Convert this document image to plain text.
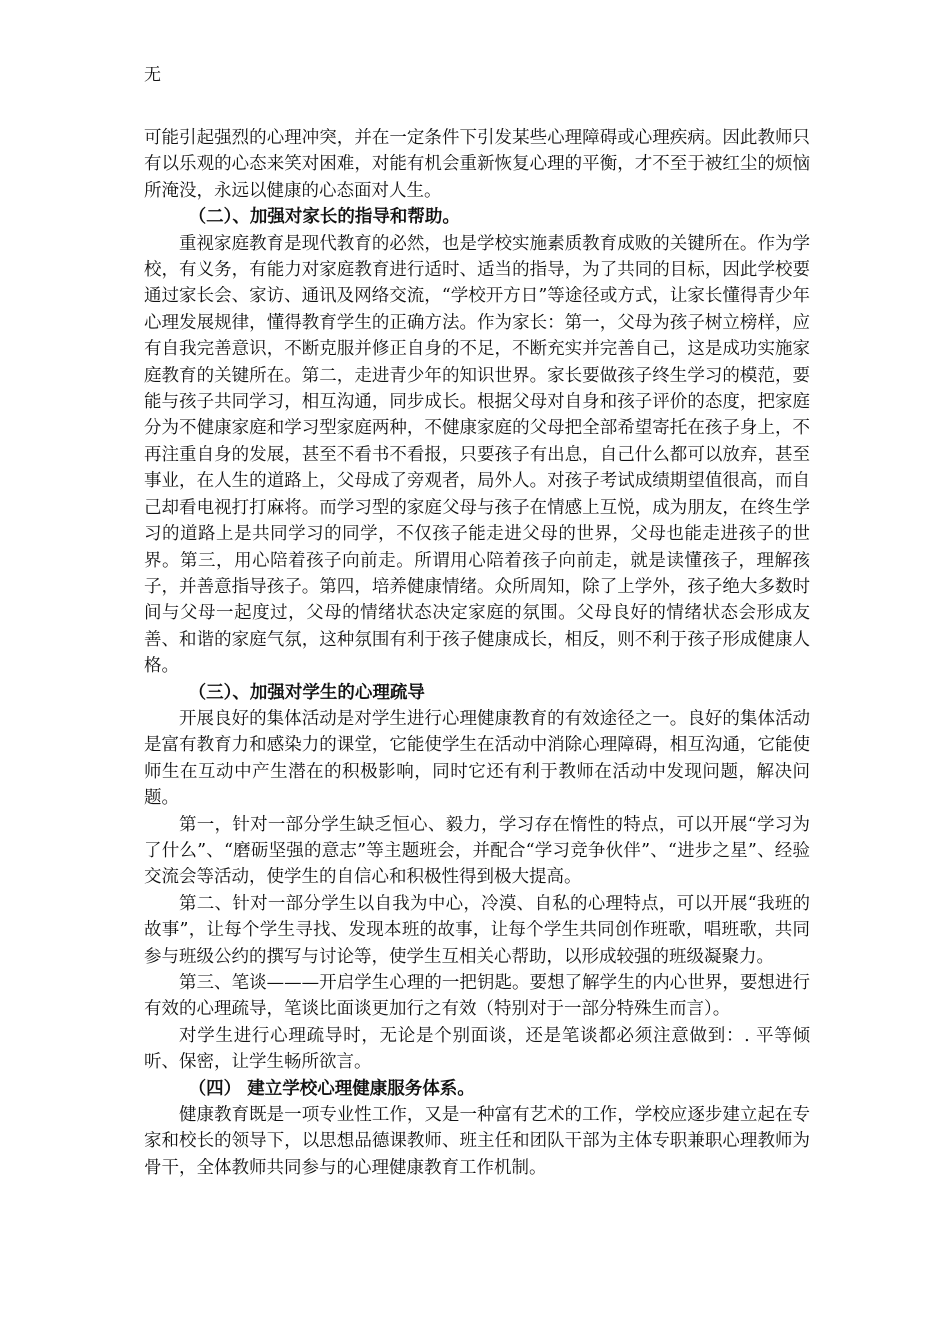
无

可能引起强烈的心理冲突，并在一定条件下引发某些心理障碍或心理疾病。因此教师只有以乐观的心态来笑对困难，对能有机会重新恢复心理的平衡，才不至于被红尘的烦恼所淹没，永远以健康的心态面对人生。

（二）、加强对家长的指导和帮助。

重视家庭教育是现代教育的必然，也是学校实施素质教育成败的关键所在。作为学校，有义务，有能力对家庭教育进行适时、适当的指导，为了共同的目标，因此学校要通过家长会、家访、通讯及网络交流，“学校开方日”等途径或方式，让家长懂得青少年心理发展规律，懂得教育学生的正确方法。作为家长：第一，父母为孩子树立榜样，应有自我完善意识，不断克服并修正自身的不足，不断充实并完善自己，这是成功实施家庭教育的关键所在。第二，走进青少年的知识世界。家长要做孩子终生学习的模范，要能与孩子共同学习，相互沟通，同步成长。根据父母对自身和孩子评价的态度，把家庭分为不健康家庭和学习型家庭两种，不健康家庭的父母把全部希望寄托在孩子身上，不再注重自身的发展，甚至不看书不看报，只要孩子有出息，自己什么都可以放弃，甚至事业，在人生的道路上，父母成了旁观者，局外人。对孩子考试成绩期望值很高，而自己却看电视打打麻将。而学习型的家庭父母与孩子在情感上互悦，成为朋友，在终生学习的道路上是共同学习的同学，不仅孩子能走进父母的世界，父母也能走进孩子的世界。第三，用心陪着孩子向前走。所谓用心陪着孩子向前走，就是读懂孩子，理解孩子，并善意指导孩子。第四，培养健康情绪。众所周知，除了上学外，孩子绝大多数时间与父母一起度过，父母的情绪状态决定家庭的氛围。父母良好的情绪状态会形成友善、和谐的家庭气氛，这种氛围有利于孩子健康成长，相反，则不利于孩子形成健康人格。

（三）、加强对学生的心理疏导

开展良好的集体活动是对学生进行心理健康教育的有效途径之一。良好的集体活动是富有教育力和感染力的课堂，它能使学生在活动中消除心理障碍，相互沟通，它能使师生在互动中产生潜在的积极影响，同时它还有利于教师在活动中发现问题，解决问题。

第一，针对一部分学生缺乏恒心、毅力，学习存在惰性的特点，可以开展“学习为了什么”、“磨砺坚强的意志”等主题班会，并配合“学习竞争伙伴”、“进步之星”、经验交流会等活动，使学生的自信心和积极性得到极大提高。

第二、针对一部分学生以自我为中心，冷漠、自私的心理特点，可以开展“我班的故事”，让每个学生寻找、发现本班的故事，让每个学生共同创作班歌，唱班歌，共同参与班级公约的撰写与讨论等，使学生互相关心帮助，以形成较强的班级凝聚力。

第三、笔谈———开启学生心理的一把钥匙。要想了解学生的内心世界，要想进行有效的心理疏导，笔谈比面谈更加行之有效（特别对于一部分特殊生而言）。

对学生进行心理疏导时，无论是个别面谈，还是笔谈都必须注意做到：. 平等倾听、保密，让学生畅所欲言。

（四） 建立学校心理健康服务体系。

健康教育既是一项专业性工作，又是一种富有艺术的工作，学校应逐步建立起在专家和校长的领导下，以思想品德课教师、班主任和团队干部为主体专职兼职心理教师为骨干，全体教师共同参与的心理健康教育工作机制。
